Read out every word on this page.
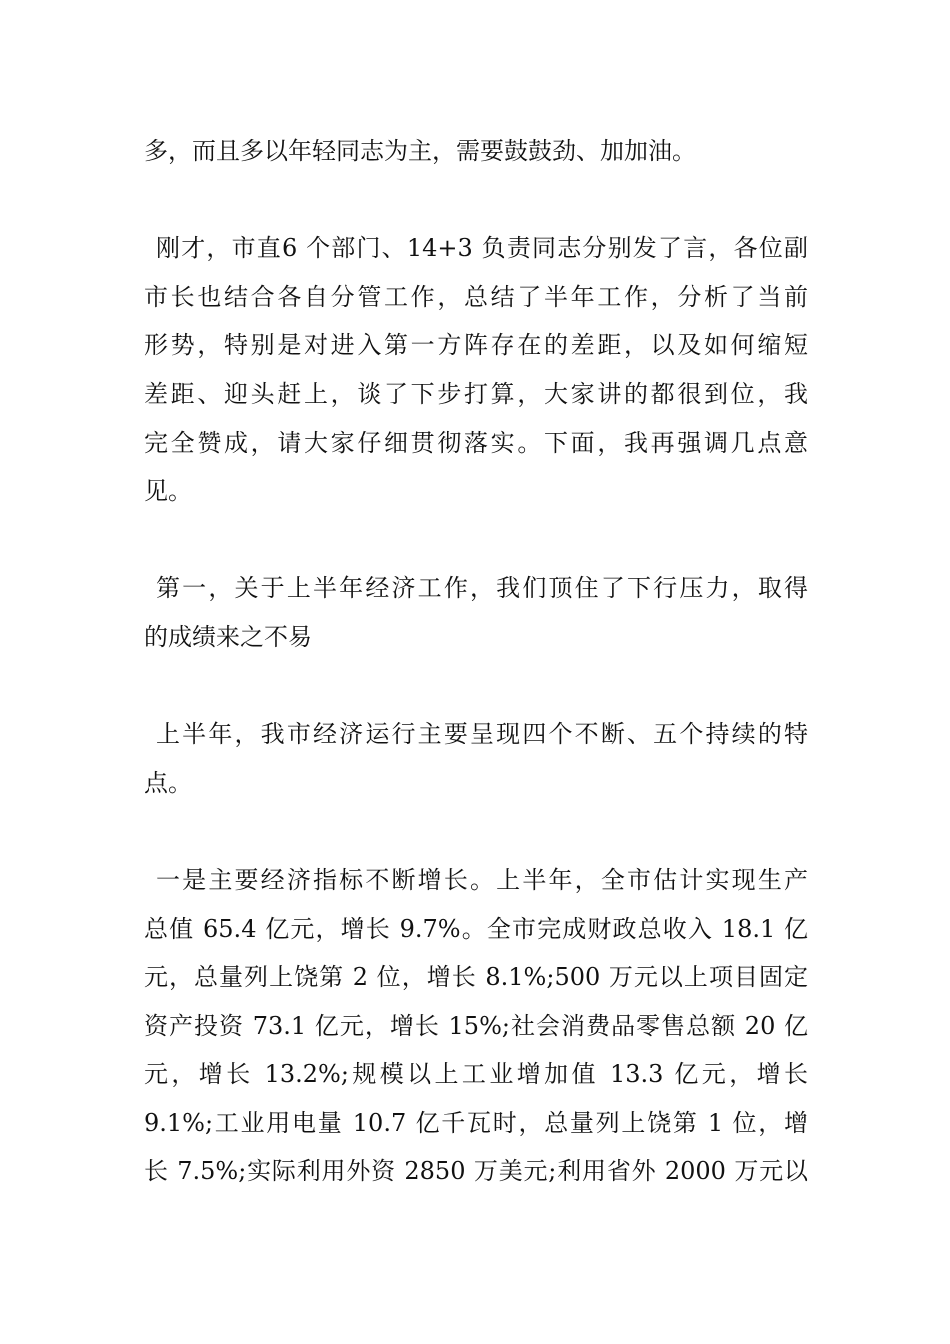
多，而且多以年轻同志为主，需要鼓鼓劲、加加油。
刚才，市直6 个部门、14+3 负责同志分别发了言，各位副
市长也结合各自分管工作，总结了半年工作，分析了当前
形势，特别是对进入第一方阵存在的差距，以及如何缩短
差距、迎头赶上，谈了下步打算，大家讲的都很到位，我
完全赞成，请大家仔细贯彻落实。下面，我再强调几点意
见。
第一，关于上半年经济工作，我们顶住了下行压力，取得
的成绩来之不易
上半年，我市经济运行主要呈现四个不断、五个持续的特
点。
一是主要经济指标不断增长。上半年，全市估计实现生产
总值 65.4 亿元，增长 9.7%。全市完成财政总收入 18.1 亿
元，总量列上饶第 2 位，增长 8.1%;500 万元以上项目固定
资产投资 73.1 亿元，增长 15%;社会消费品零售总额 20 亿
元，增长 13.2%;规模以上工业增加值 13.3 亿元，增长
9.1%;工业用电量 10.7 亿千瓦时，总量列上饶第 1 位，增
长 7.5%;实际利用外资 2850 万美元;利用省外 2000 万元以
